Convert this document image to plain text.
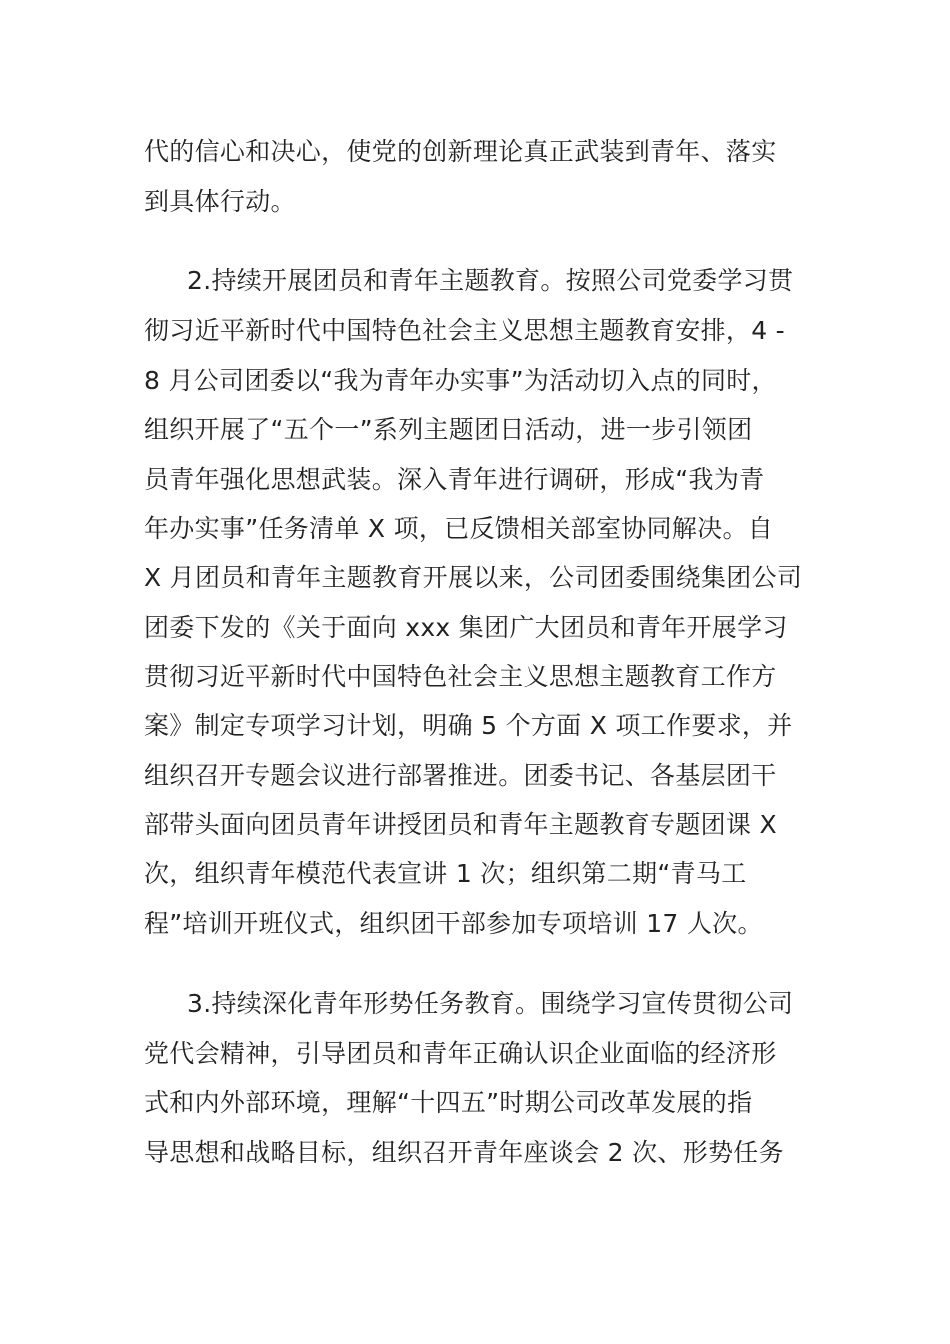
代的信心和决心，使党的创新理论真正武装到青年、落实
到具体行动。
2.持续开展团员和青年主题教育。按照公司党委学习贯
彻习近平新时代中国特色社会主义思想主题教育安排，4 -
8 月公司团委以“我为青年办实事”为活动切入点的同时，
组织开展了“五个一”系列主题团日活动，进一步引领团
员青年强化思想武装。深入青年进行调研，形成“我为青
年办实事”任务清单 X 项，已反馈相关部室协同解决。自
X 月团员和青年主题教育开展以来，公司团委围绕集团公司
团委下发的《关于面向 xxx 集团广大团员和青年开展学习
贯彻习近平新时代中国特色社会主义思想主题教育工作方
案》制定专项学习计划，明确 5 个方面 X 项工作要求，并
组织召开专题会议进行部署推进。团委书记、各基层团干
部带头面向团员青年讲授团员和青年主题教育专题团课 X
次，组织青年模范代表宣讲 1 次；组织第二期“青马工
程”培训开班仪式，组织团干部参加专项培训 17 人次。
3.持续深化青年形势任务教育。围绕学习宣传贯彻公司
党代会精神，引导团员和青年正确认识企业面临的经济形
式和内外部环境，理解“十四五”时期公司改革发展的指
导思想和战略目标，组织召开青年座谈会 2 次、形势任务
